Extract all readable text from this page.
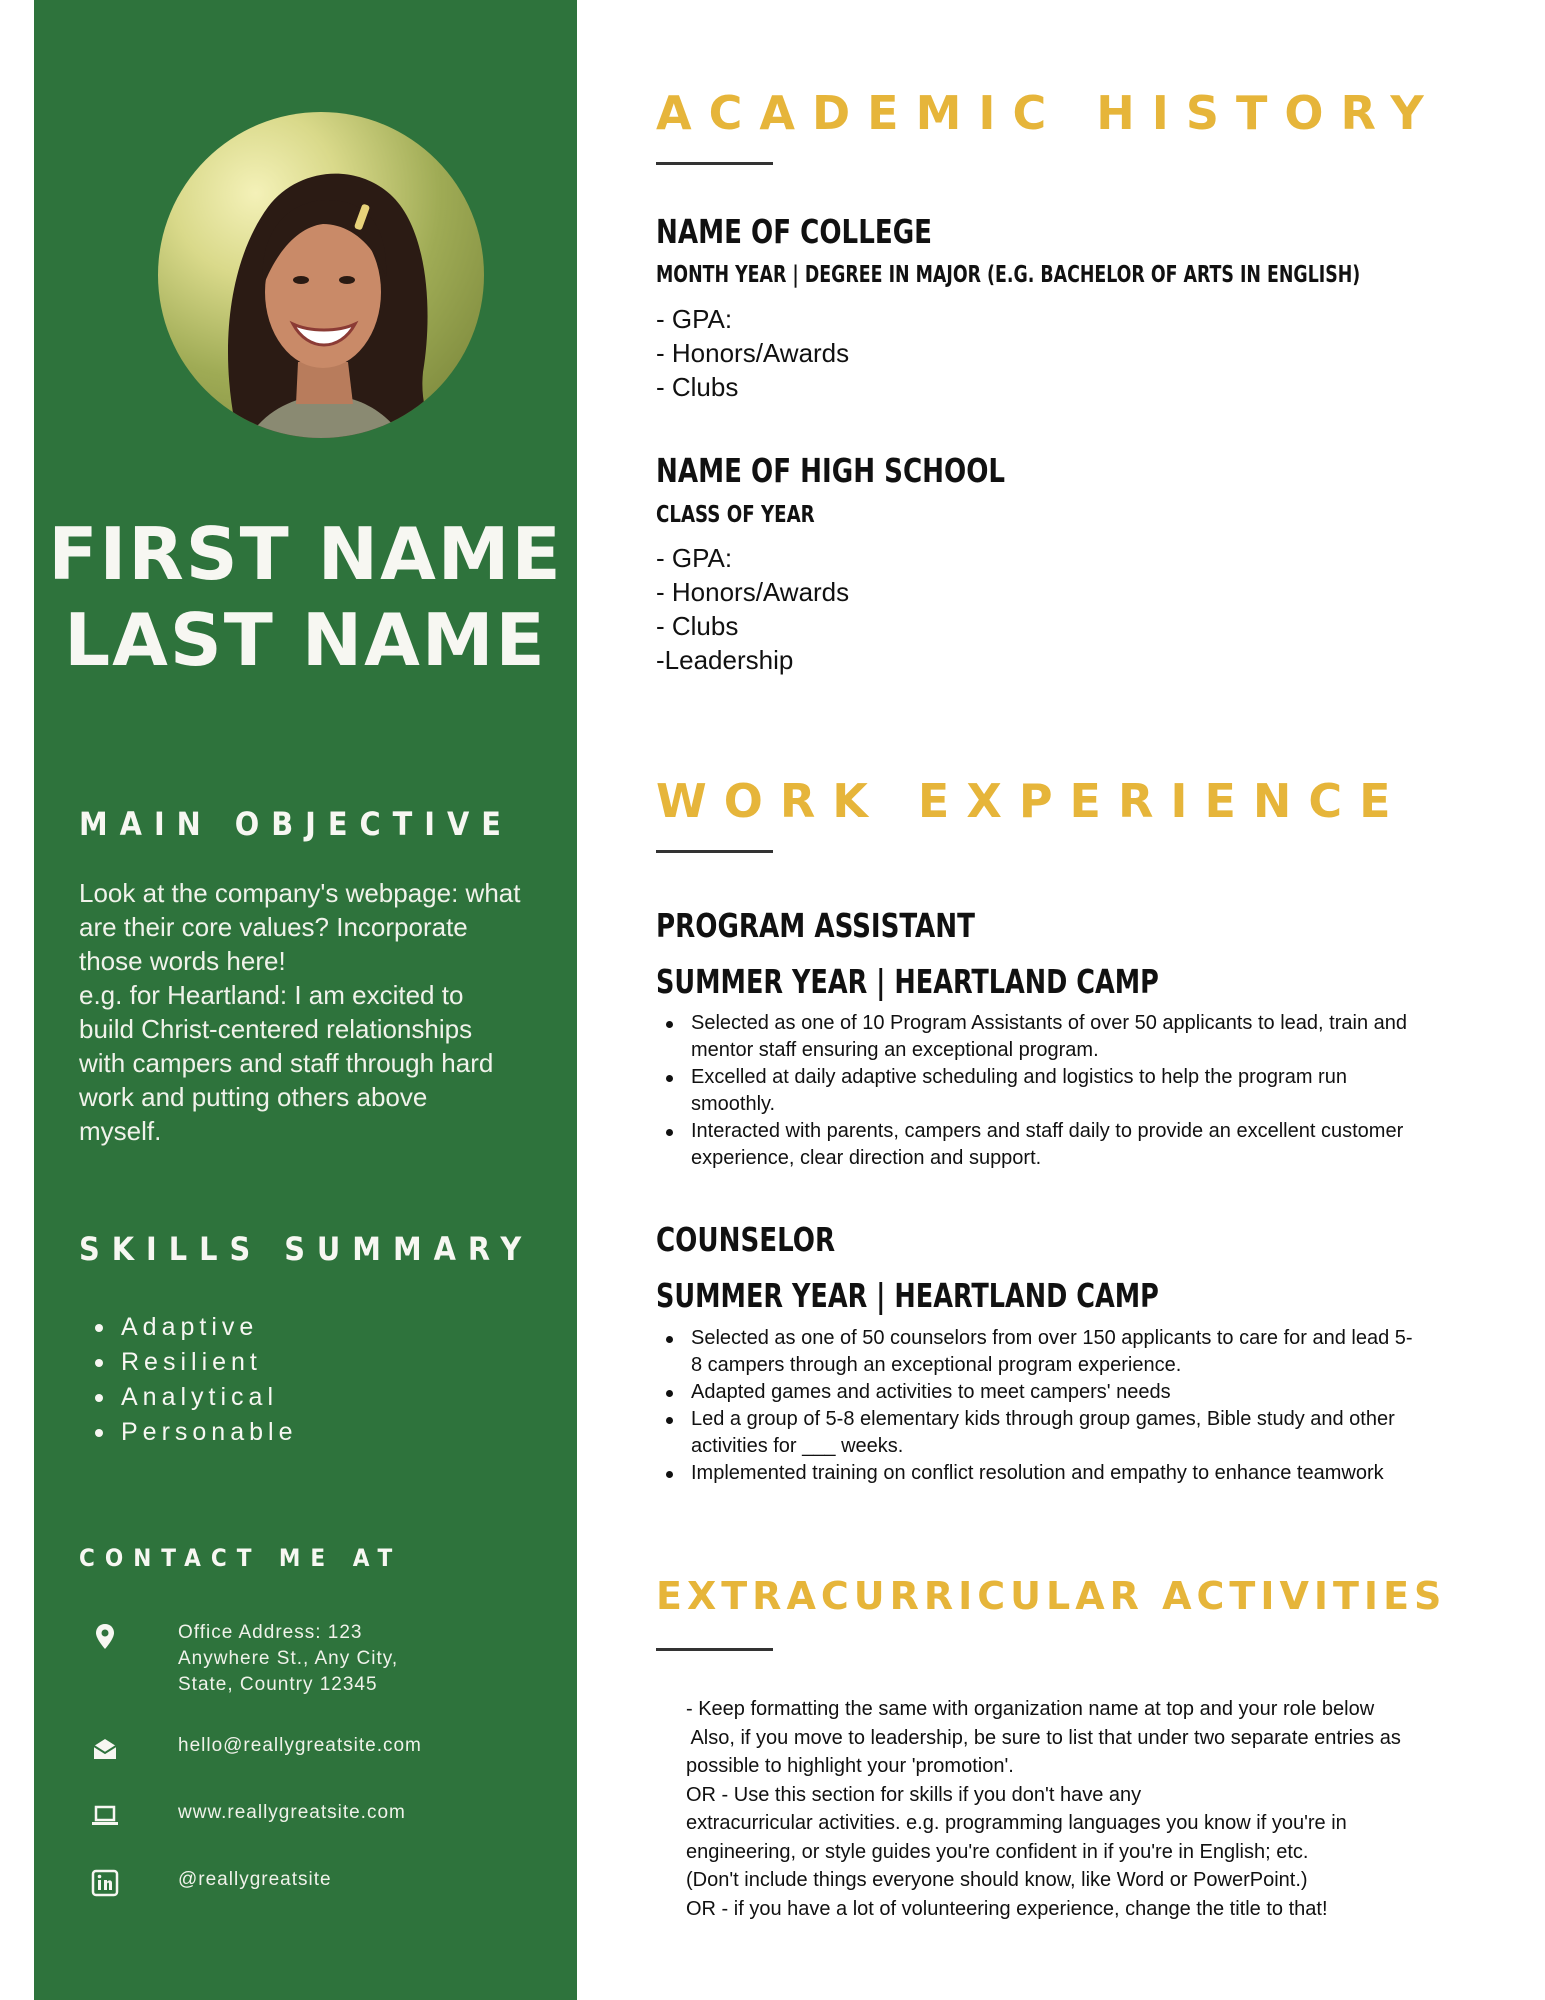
FIRST NAME
LAST NAME
MAIN OBJECTIVE
Look at the company's webpage: what
are their core values? Incorporate
those words here!
e.g. for Heartland: I am excited to
build Christ-centered relationships
with campers and staff through hard
work and putting others above
myself.
SKILLS SUMMARY
Adaptive
Resilient
Analytical
Personable
CONTACT ME AT
Office Address: 123
Anywhere St., Any City,
State, Country 12345
hello@reallygreatsite.com
www.reallygreatsite.com
@reallygreatsite
ACADEMIC HISTORY
NAME OF COLLEGE
MONTH YEAR | DEGREE IN MAJOR (E.G. BACHELOR OF ARTS IN ENGLISH)
- GPA:
- Honors/Awards
- Clubs
NAME OF HIGH SCHOOL
CLASS OF YEAR
- GPA:
- Honors/Awards
- Clubs
-Leadership
WORK EXPERIENCE
PROGRAM ASSISTANT
SUMMER YEAR | HEARTLAND CAMP
Selected as one of 10 Program Assistants of over 50 applicants to lead, train and
mentor staff ensuring an exceptional program.
Excelled at daily adaptive scheduling and logistics to help the program run
smoothly.
Interacted with parents, campers and staff daily to provide an excellent customer
experience, clear direction and support.
COUNSELOR
SUMMER YEAR | HEARTLAND CAMP
Selected as one of 50 counselors from over 150 applicants to care for and lead 5-
8 campers through an exceptional program experience.
Adapted games and activities to meet campers' needs
Led a group of 5-8 elementary kids through group games, Bible study and other
activities for ___ weeks.
Implemented training on conflict resolution and empathy to enhance teamwork
EXTRACURRICULAR ACTIVITIES
- Keep formatting the same with organization name at top and your role below
Also, if you move to leadership, be sure to list that under two separate entries as
possible to highlight your 'promotion'.
OR - Use this section for skills if you don't have any
extracurricular activities. e.g. programming languages you know if you're in
engineering, or style guides you're confident in if you're in English; etc.
(Don't include things everyone should know, like Word or PowerPoint.)
OR - if you have a lot of volunteering experience, change the title to that!
